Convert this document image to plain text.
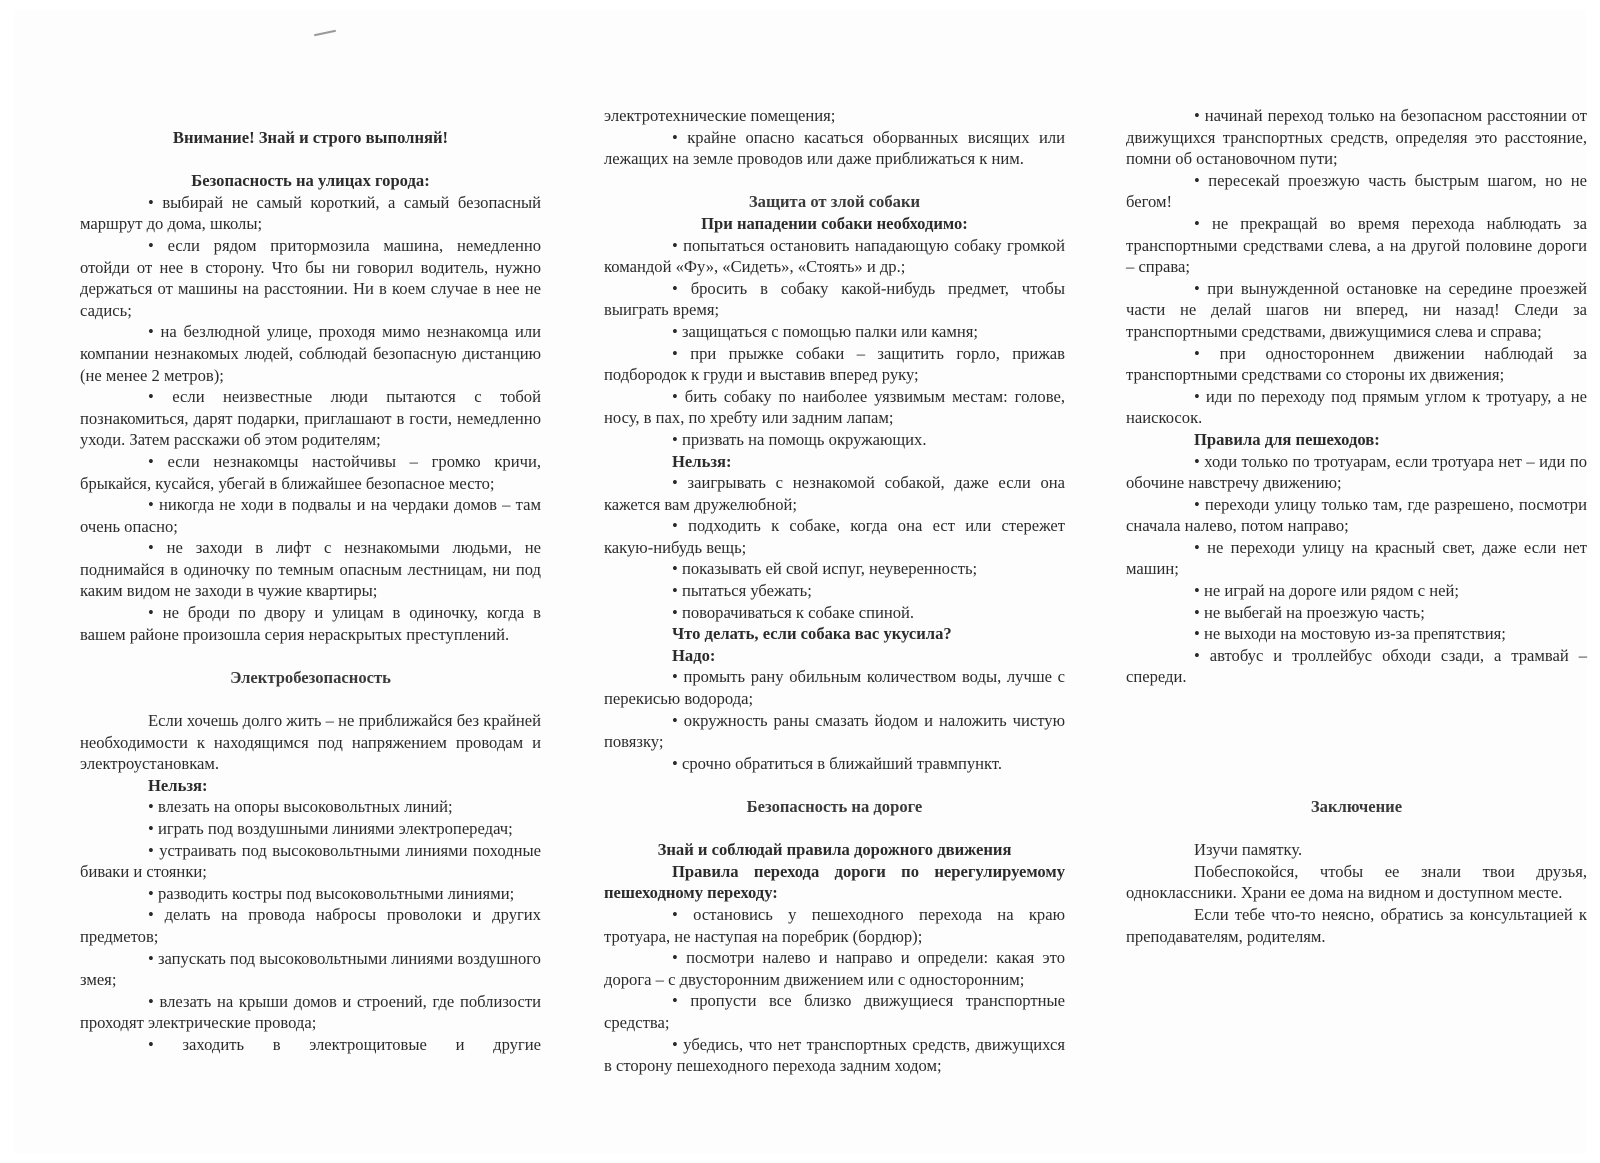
Внимание! Знай и строго выполняй!

Безопасность на улицах города:

• выбирай не самый короткий, а самый безопасный маршрут до дома, школы;

• если рядом притормозила машина, немедленно отойди от нее в сторону. Что бы ни говорил водитель, нужно держаться от машины на расстоянии. Ни в коем случае в нее не садись;

• на безлюдной улице, проходя мимо незнакомца или компании незнакомых людей, соблюдай безопасную дистанцию (не менее 2 метров);

• если неизвестные люди пытаются с тобой познакомиться, дарят подарки, приглашают в гости, немедленно уходи. Затем расскажи об этом родителям;

• если незнакомцы настойчивы – громко кричи, брыкайся, кусайся, убегай в ближайшее безопасное место;

• никогда не ходи в подвалы и на чердаки домов – там очень опасно;

• не заходи в лифт с незнакомыми людьми, не поднимайся в одиночку по темным опасным лестницам, ни под каким видом не заходи в чужие квартиры;

• не броди по двору и улицам в одиночку, когда в вашем районе произошла серия нераскрытых преступлений.

Электробезопасность

Если хочешь долго жить – не приближайся без крайней необходимости к находящимся под напряжением проводам и электроустановкам.

Нельзя:

• влезать на опоры высоковольтных линий;

• играть под воздушными линиями электропередач;

• устраивать под высоковольтными линиями походные биваки и стоянки;

• разводить костры под высоковольтными линиями;

• делать на провода набросы проволоки и других предметов;

• запускать под высоковольтными линиями воздушного змея;

• влезать на крыши домов и строений, где поблизости проходят электрические провода;

• заходить в электрощитовые и другие

электротехнические помещения;

• крайне опасно касаться оборванных висящих или лежащих на земле проводов или даже приближаться к ним.

Защита от злой собаки

При нападении собаки необходимо:

• попытаться остановить нападающую собаку громкой командой «Фу», «Сидеть», «Стоять» и др.;

• бросить в собаку какой-нибудь предмет, чтобы выиграть время;

• защищаться с помощью палки или камня;

• при прыжке собаки – защитить горло, прижав подбородок к груди и выставив вперед руку;

• бить собаку по наиболее уязвимым местам: голове, носу, в пах, по хребту или задним лапам;

• призвать на помощь окружающих.

Нельзя:

• заигрывать с незнакомой собакой, даже если она кажется вам дружелюбной;

• подходить к собаке, когда она ест или стережет какую-нибудь вещь;

• показывать ей свой испуг, неуверенность;

• пытаться убежать;

• поворачиваться к собаке спиной.

Что делать, если собака вас укусила?

Надо:

• промыть рану обильным количеством воды, лучше с перекисью водорода;

• окружность раны смазать йодом и наложить чистую повязку;

• срочно обратиться в ближайший травмпункт.

Безопасность на дороге

Знай и соблюдай правила дорожного движения

Правила перехода дороги по нерегулируемому пешеходному переходу:

• остановись у пешеходного перехода на краю тротуара, не наступая на поребрик (бордюр);

• посмотри налево и направо и определи: какая это дорога – с двусторонним движением или с односторонним;

• пропусти все близко движущиеся транспортные средства;

• убедись, что нет транспортных средств, движущихся в сторону пешеходного перехода задним ходом;

• начинай переход только на безопасном расстоянии от движущихся транспортных средств, определяя это расстояние, помни об остановочном пути;

• пересекай проезжую часть быстрым шагом, но не бегом!

• не прекращай во время перехода наблюдать за транспортными средствами слева, а на другой половине дороги – справа;

• при вынужденной остановке на середине проезжей части не делай шагов ни вперед, ни назад! Следи за транспортными средствами, движущимися слева и справа;

• при одностороннем движении наблюдай за транспортными средствами со стороны их движения;

• иди по переходу под прямым углом к тротуару, а не наискосок.

Правила для пешеходов:

• ходи только по тротуарам, если тротуара нет – иди по обочине навстречу движению;

• переходи улицу только там, где разрешено, посмотри сначала налево, потом направо;

• не переходи улицу на красный свет, даже если нет машин;

• не играй на дороге или рядом с ней;

• не выбегай на проезжую часть;

• не выходи на мостовую из-за препятствия;

• автобус и троллейбус обходи сзади, а трамвай – спереди.

Заключение

Изучи памятку.

Побеспокойся, чтобы ее знали твои друзья, одноклассники. Храни ее дома на видном и доступном месте.

Если тебе что-то неясно, обратись за консультацией к преподавателям, родителям.
